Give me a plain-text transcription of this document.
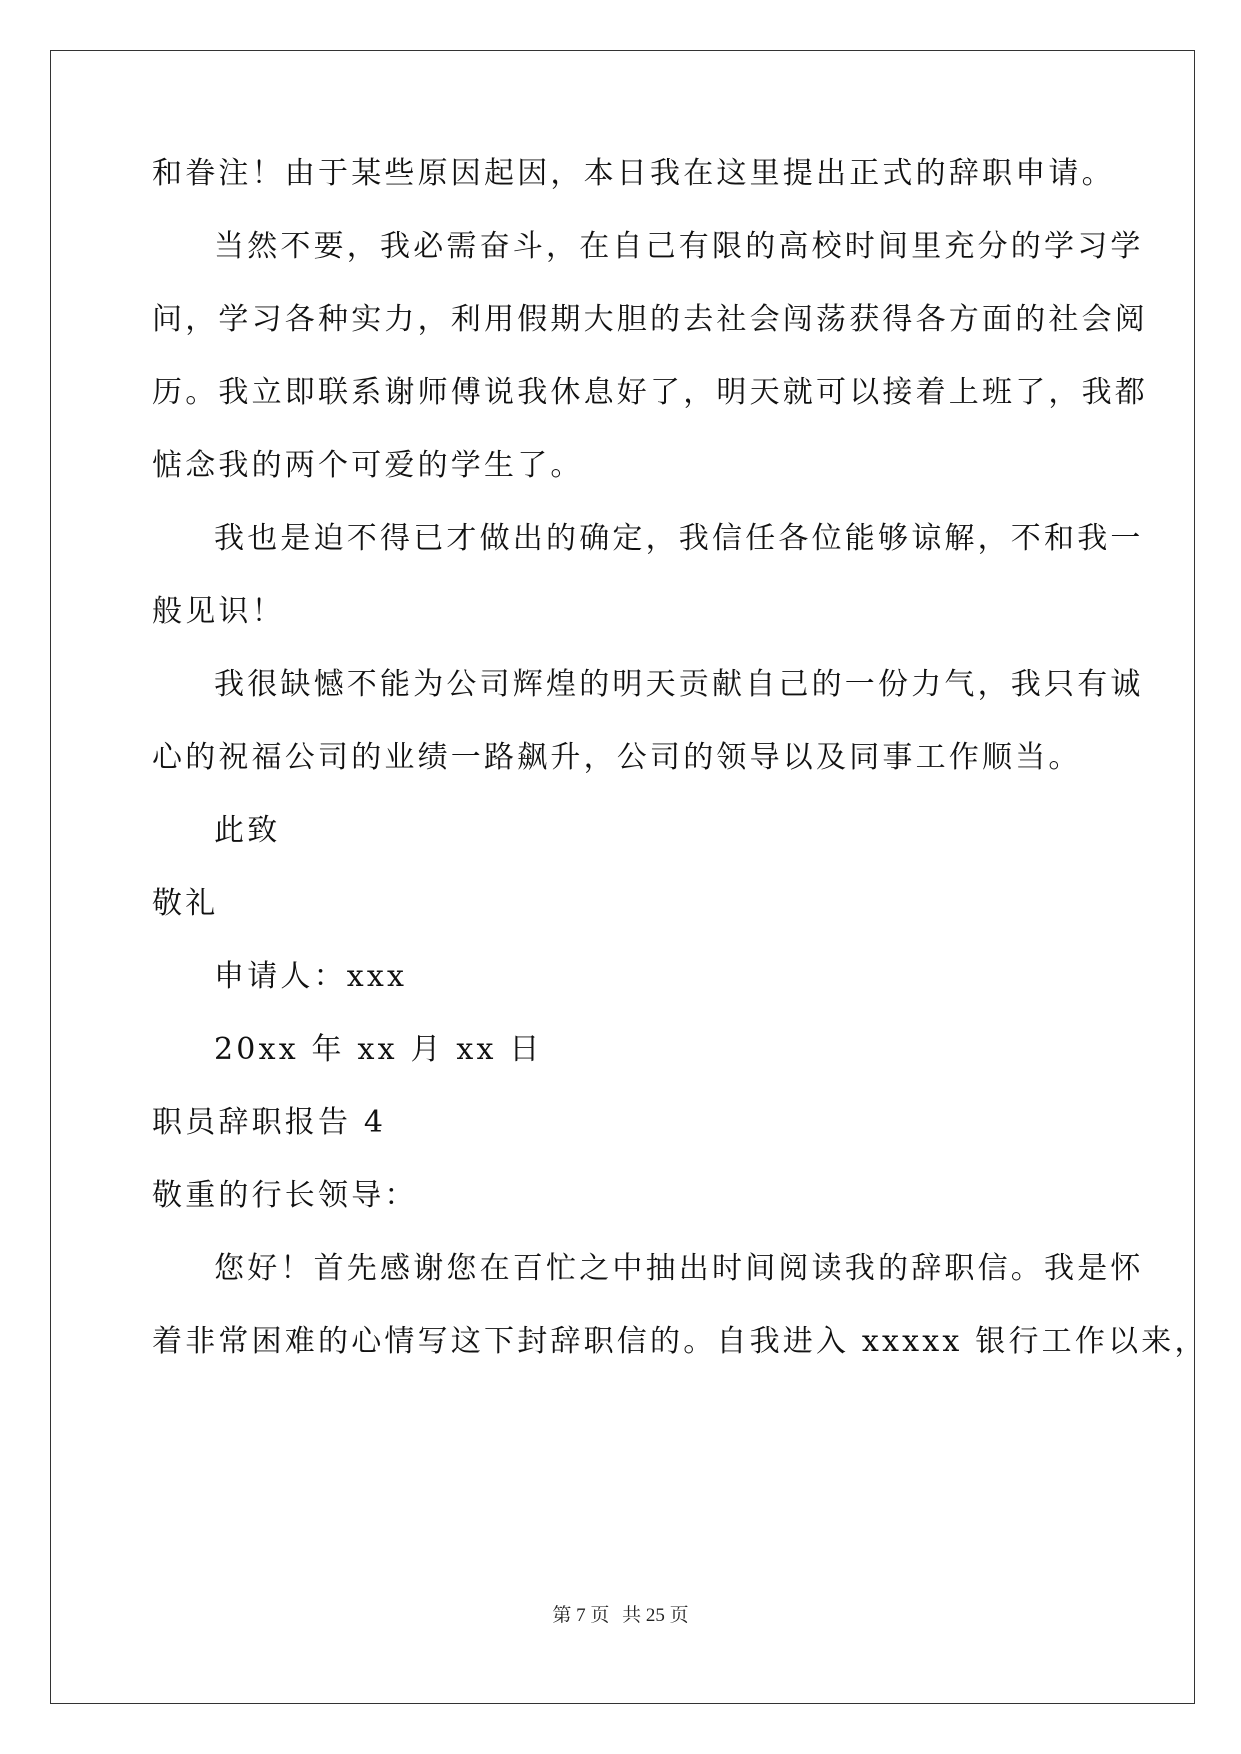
和眷注！由于某些原因起因，本日我在这里提出正式的辞职申请。

当然不要，我必需奋斗，在自己有限的高校时间里充分的学习学

问，学习各种实力，利用假期大胆的去社会闯荡获得各方面的社会阅

历。我立即联系谢师傅说我休息好了，明天就可以接着上班了，我都

惦念我的两个可爱的学生了。

我也是迫不得已才做出的确定，我信任各位能够谅解，不和我一

般见识！

我很缺憾不能为公司辉煌的明天贡献自己的一份力气，我只有诚

心的祝福公司的业绩一路飙升，公司的领导以及同事工作顺当。

此致

敬礼

申请人：xxx

20xx 年 xx 月 xx 日

职员辞职报告 4

敬重的行长领导：

您好！首先感谢您在百忙之中抽出时间阅读我的辞职信。我是怀

着非常困难的心情写这下封辞职信的。自我进入 xxxxx 银行工作以来，

第 7 页 共 25 页
